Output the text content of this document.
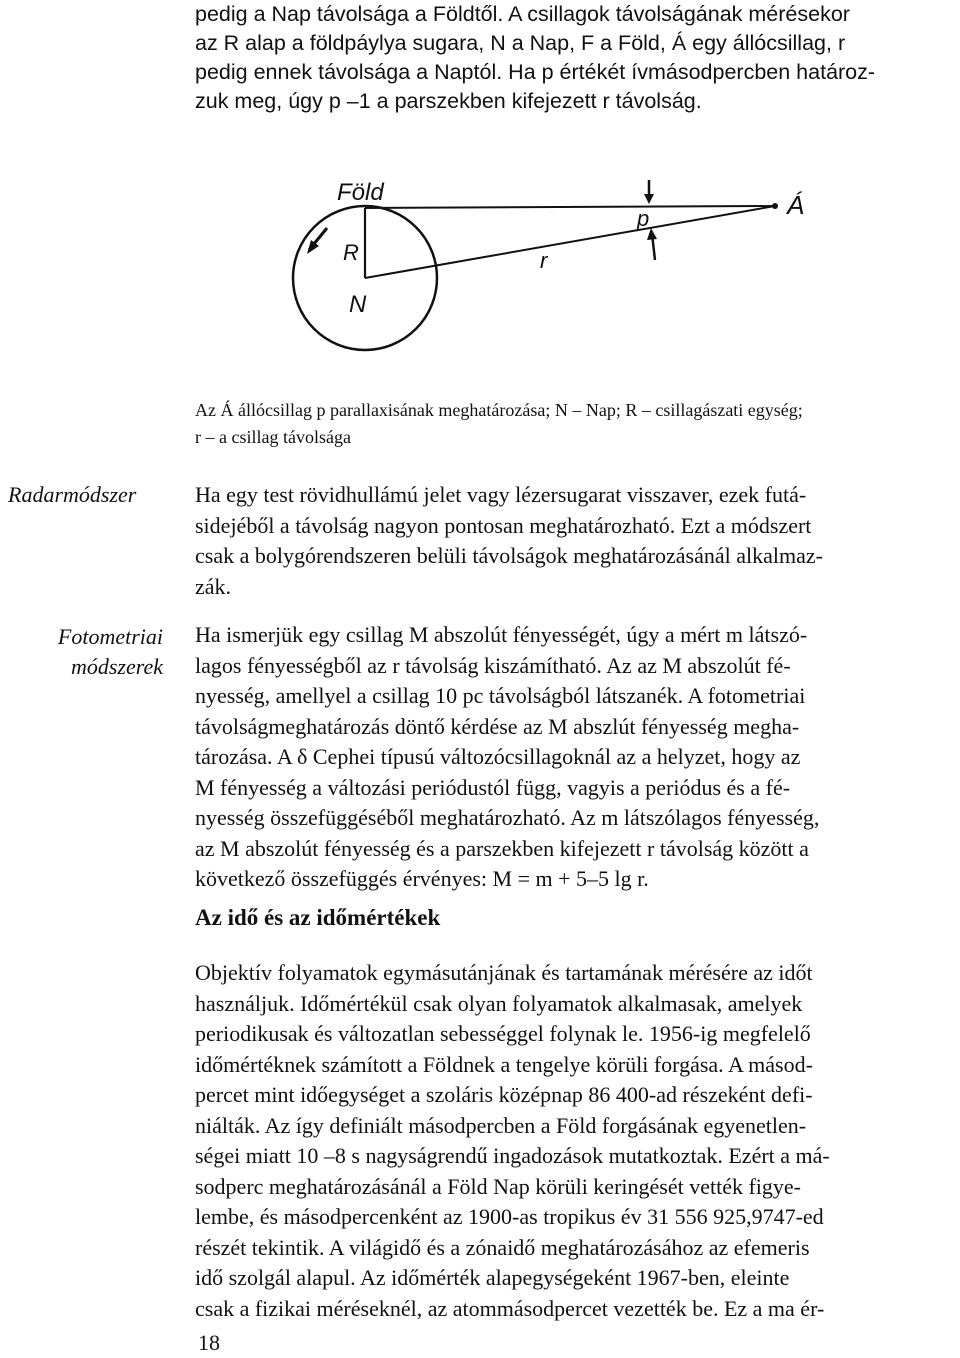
pedig a Nap távolsága a Földtől. A csillagok távolságának mérésekor

az R alap a földpáylya sugara, N a Nap, F a Föld, Á egy állócsillag, r

pedig ennek távolsága a Naptól. Ha p értékét ívmásodpercben határoz-

zuk meg, úgy p –1 a parszekben kifejezett r távolság.

Föld
p	Á
R	r
N
Az Á állócsillag p parallaxisának meghatározása; N – Nap; R – csillagászati egység;
r – a csillag távolsága
Radarmódszer	Ha egy test rövidhullámú jelet vagy lézersugarat visszaver, ezek futá-
sidejéből a távolság nagyon pontosan meghatározható. Ezt a módszert
csak a bolygórendszeren belüli távolságok meghatározásánál alkalmaz-
zák.
Fotometriai
módszerek
Ha ismerjük egy csillag M abszolút fényességét, úgy a mért m látszó-
lagos fényességből az r távolság kiszámítható. Az az M abszolút fé-
nyesség, amellyel a csillag 10 pc távolságból látszanék. A fotometriai
távolságmeghatározás döntő kérdése az M abszlút fényesség megha-
tározása. A δ Cephei típusú változócsillagoknál az a helyzet, hogy az
M fényesség a változási periódustól függ, vagyis a periódus és a fé-
nyesség összefüggéséből meghatározható. Az m látszólagos fényesség,
az M abszolút fényesség és a parszekben kifejezett r távolság között a
következő összefüggés érvényes: M = m + 5–5 lg r.
Az idő és az időmértékek
Objektív folyamatok egymásutánjának és tartamának mérésére az időt
használjuk. Időmértékül csak olyan folyamatok alkalmasak, amelyek
periodikusak és változatlan sebességgel folynak le. 1956-ig megfelelő
időmértéknek számított a Földnek a tengelye körüli forgása. A másod-
percet mint időegységet a szoláris középnap 86 400-ad részeként defi-
niálták. Az így definiált másodpercben a Föld forgásának egyenetlen-
ségei miatt 10 –8 s nagyságrendű ingadozások mutatkoztak. Ezért a má-
sodperc meghatározásánál a Föld Nap körüli keringését vették figye-
lembe, és másodpercenként az 1900-as tropikus év 31 556 925,9747-ed
részét tekintik. A világidő és a zónaidő meghatározásához az efemeris
idő szolgál alapul. Az időmérték alapegységeként 1967-ben, eleinte
csak a fizikai méréseknél, az atommásodpercet vezették be. Ez a ma ér-
18
